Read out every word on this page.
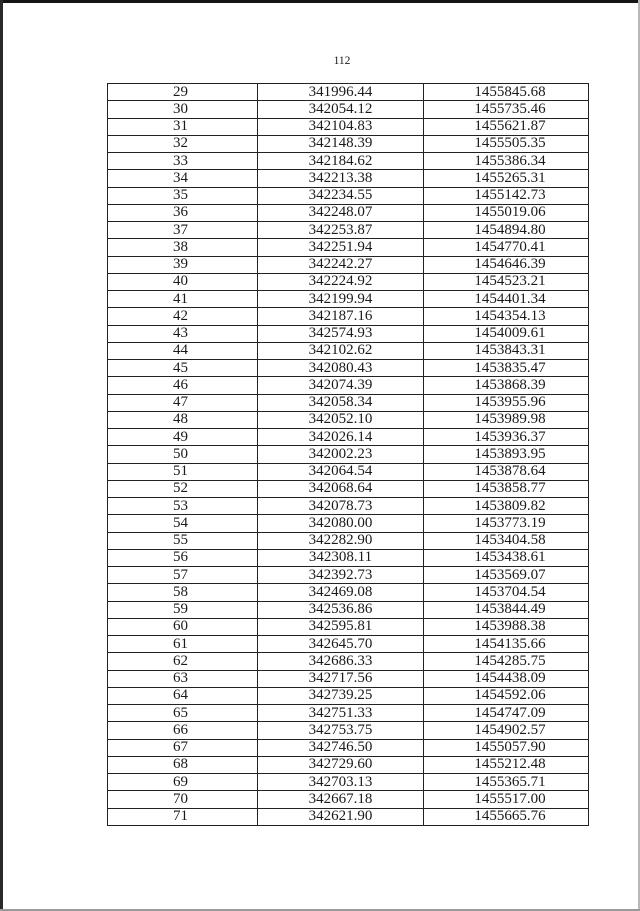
112
29	341996.44	1455845.68
30	342054.12	1455735.46
31	342104.83	1455621.87
32	342148.39	1455505.35
33	342184.62	1455386.34
34	342213.38	1455265.31
35	342234.55	1455142.73
36	342248.07	1455019.06
37	342253.87	1454894.80
38	342251.94	1454770.41
39	342242.27	1454646.39
40	342224.92	1454523.21
41	342199.94	1454401.34
42	342187.16	1454354.13
43	342574.93	1454009.61
44	342102.62	1453843.31
45	342080.43	1453835.47
46	342074.39	1453868.39
47	342058.34	1453955.96
48	342052.10	1453989.98
49	342026.14	1453936.37
50	342002.23	1453893.95
51	342064.54	1453878.64
52	342068.64	1453858.77
53	342078.73	1453809.82
54	342080.00	1453773.19
55	342282.90	1453404.58
56	342308.11	1453438.61
57	342392.73	1453569.07
58	342469.08	1453704.54
59	342536.86	1453844.49
60	342595.81	1453988.38
61	342645.70	1454135.66
62	342686.33	1454285.75
63	342717.56	1454438.09
64	342739.25	1454592.06
65	342751.33	1454747.09
66	342753.75	1454902.57
67	342746.50	1455057.90
68	342729.60	1455212.48
69	342703.13	1455365.71
70	342667.18	1455517.00
71	342621.90	1455665.76
